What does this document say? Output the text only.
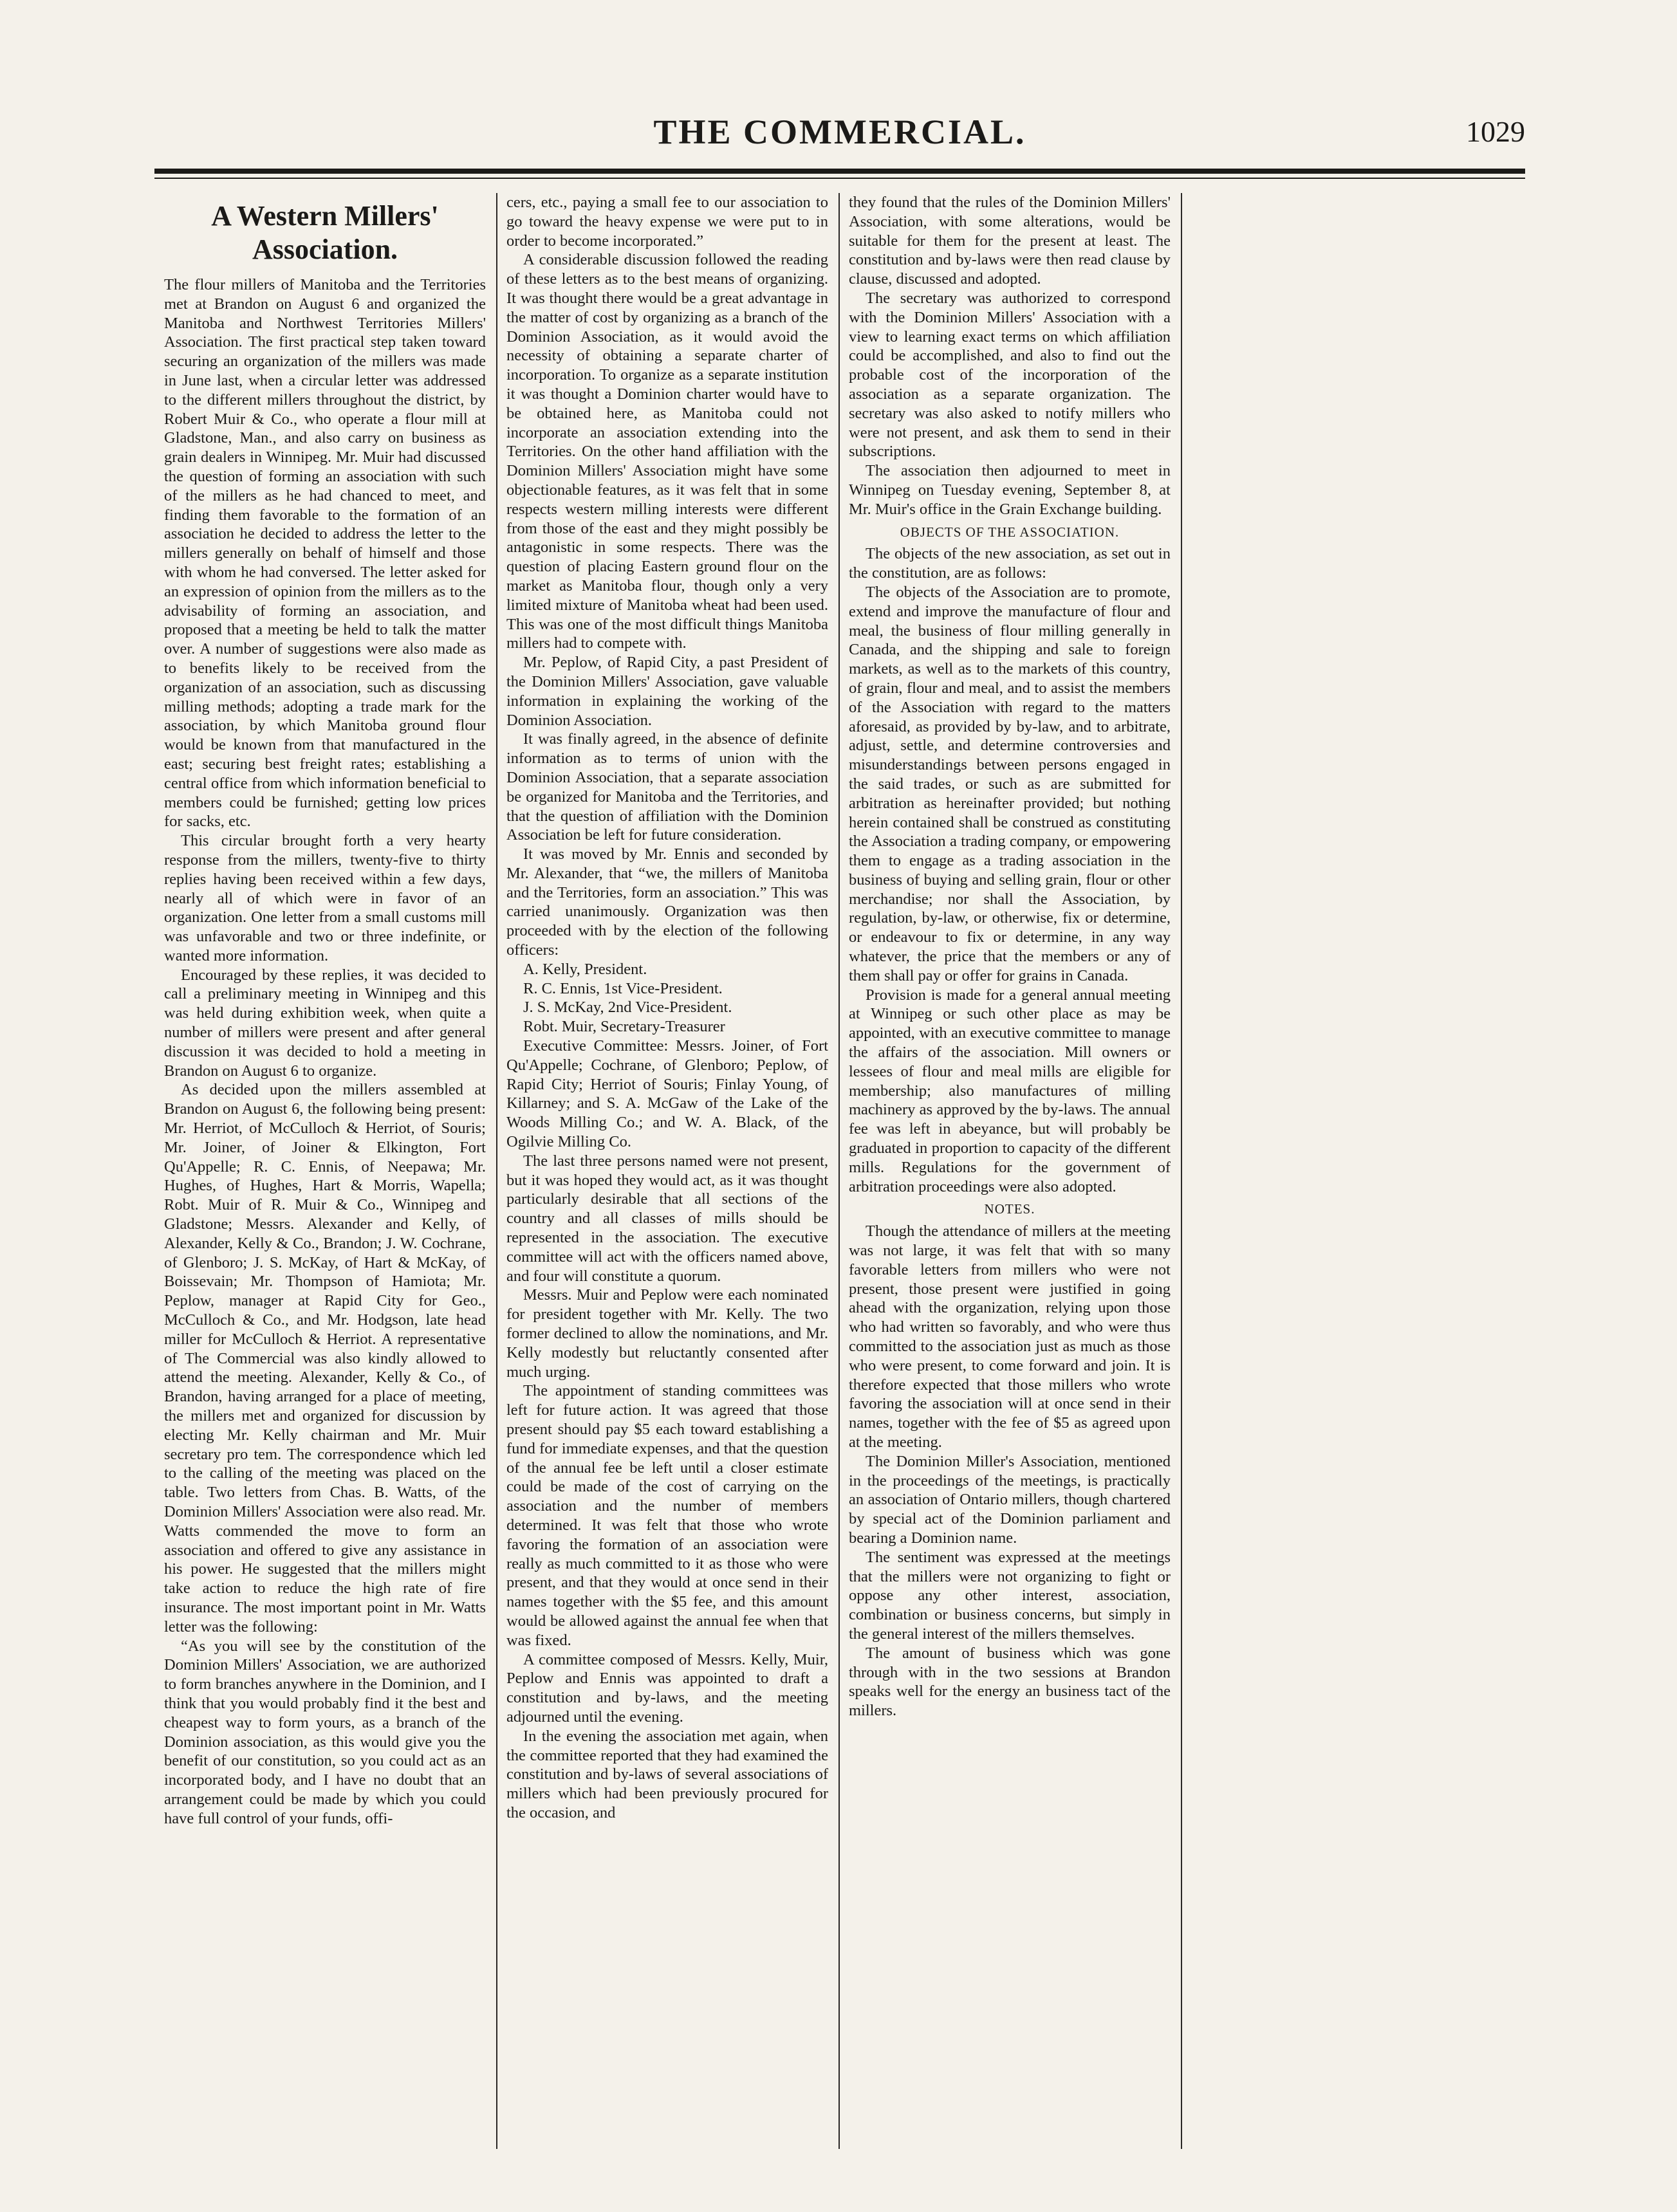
THE COMMERCIAL.	1029
A Western Millers' Association.

The flour millers of Manitoba and the Territories met at Brandon on August 6 and organized the Manitoba and Northwest Territories Millers' Association. The first practical step taken toward securing an organization of the millers was made in June last, when a circular letter was addressed to the different millers throughout the district, by Robert Muir & Co., who operate a flour mill at Gladstone, Man., and also carry on business as grain dealers in Winnipeg. Mr. Muir had discussed the question of forming an association with such of the millers as he had chanced to meet, and finding them favorable to the formation of an association he decided to address the letter to the millers generally on behalf of himself and those with whom he had conversed. The letter asked for an expression of opinion from the millers as to the advisability of forming an association, and proposed that a meeting be held to talk the matter over. A number of suggestions were also made as to benefits likely to be received from the organization of an association, such as discussing milling methods; adopting a trade mark for the association, by which Manitoba ground flour would be known from that manufactured in the east; securing best freight rates; establishing a central office from which information beneficial to members could be furnished; getting low prices for sacks, etc.

This circular brought forth a very hearty response from the millers, twenty-five to thirty replies having been received within a few days, nearly all of which were in favor of an organization. One letter from a small customs mill was unfavorable and two or three indefinite, or wanted more information.

Encouraged by these replies, it was decided to call a preliminary meeting in Winnipeg and this was held during exhibition week, when quite a number of millers were present and after general discussion it was decided to hold a meeting in Brandon on August 6 to organize.

As decided upon the millers assembled at Brandon on August 6, the following being present: Mr. Herriot, of McCulloch & Herriot, of Souris; Mr. Joiner, of Joiner & Elkington, Fort Qu'Appelle; R. C. Ennis, of Neepawa; Mr. Hughes, of Hughes, Hart & Morris, Wapella; Robt. Muir of R. Muir & Co., Winnipeg and Gladstone; Messrs. Alexander and Kelly, of Alexander, Kelly & Co., Brandon; J. W. Cochrane, of Glenboro; J. S. McKay, of Hart & McKay, of Boissevain; Mr. Thompson of Hamiota; Mr. Peplow, manager at Rapid City for Geo., McCulloch & Co., and Mr. Hodgson, late head miller for McCulloch & Herriot. A representative of The Commercial was also kindly allowed to attend the meeting. Alexander, Kelly & Co., of Brandon, having arranged for a place of meeting, the millers met and organized for discussion by electing Mr. Kelly chairman and Mr. Muir secretary pro tem. The correspondence which led to the calling of the meeting was placed on the table. Two letters from Chas. B. Watts, of the Dominion Millers' Association were also read. Mr. Watts commended the move to form an association and offered to give any assistance in his power. He suggested that the millers might take action to reduce the high rate of fire insurance. The most important point in Mr. Watts letter was the following:

“As you will see by the constitution of the Dominion Millers' Association, we are authorized to form branches anywhere in the Dominion, and I think that you would probably find it the best and cheapest way to form yours, as a branch of the Dominion association, as this would give you the benefit of our constitution, so you could act as an incorporated body, and I have no doubt that an arrangement could be made by which you could have full control of your funds, offi-

cers, etc., paying a small fee to our association to go toward the heavy expense we were put to in order to become incorporated.”

A considerable discussion followed the reading of these letters as to the best means of organizing. It was thought there would be a great advantage in the matter of cost by organizing as a branch of the Dominion Association, as it would avoid the necessity of obtaining a separate charter of incorporation. To organize as a separate institution it was thought a Dominion charter would have to be obtained here, as Manitoba could not incorporate an association extending into the Territories. On the other hand affiliation with the Dominion Millers' Association might have some objectionable features, as it was felt that in some respects western milling interests were different from those of the east and they might possibly be antagonistic in some respects. There was the question of placing Eastern ground flour on the market as Manitoba flour, though only a very limited mixture of Manitoba wheat had been used. This was one of the most difficult things Manitoba millers had to compete with.

Mr. Peplow, of Rapid City, a past President of the Dominion Millers' Association, gave valuable information in explaining the working of the Dominion Association.

It was finally agreed, in the absence of definite information as to terms of union with the Dominion Association, that a separate association be organized for Manitoba and the Territories, and that the question of affiliation with the Dominion Association be left for future consideration.

It was moved by Mr. Ennis and seconded by Mr. Alexander, that “we, the millers of Manitoba and the Territories, form an association.” This was carried unanimously. Organization was then proceeded with by the election of the following officers:

A. Kelly, President.

R. C. Ennis, 1st Vice-President.

J. S. McKay, 2nd Vice-President.

Robt. Muir, Secretary-Treasurer

Executive Committee: Messrs. Joiner, of Fort Qu'Appelle; Cochrane, of Glenboro; Peplow, of Rapid City; Herriot of Souris; Finlay Young, of Killarney; and S. A. McGaw of the Lake of the Woods Milling Co.; and W. A. Black, of the Ogilvie Milling Co.

The last three persons named were not present, but it was hoped they would act, as it was thought particularly desirable that all sections of the country and all classes of mills should be represented in the association. The executive committee will act with the officers named above, and four will constitute a quorum.

Messrs. Muir and Peplow were each nominated for president together with Mr. Kelly. The two former declined to allow the nominations, and Mr. Kelly modestly but reluctantly consented after much urging.

The appointment of standing committees was left for future action. It was agreed that those present should pay $5 each toward establishing a fund for immediate expenses, and that the question of the annual fee be left until a closer estimate could be made of the cost of carrying on the association and the number of members determined. It was felt that those who wrote favoring the formation of an association were really as much committed to it as those who were present, and that they would at once send in their names together with the $5 fee, and this amount would be allowed against the annual fee when that was fixed.

A committee composed of Messrs. Kelly, Muir, Peplow and Ennis was appointed to draft a constitution and by-laws, and the meeting adjourned until the evening.

In the evening the association met again, when the committee reported that they had examined the constitution and by-laws of several associations of millers which had been previously procured for the occasion, and

they found that the rules of the Dominion Millers' Association, with some alterations, would be suitable for them for the present at least. The constitution and by-laws were then read clause by clause, discussed and adopted.

The secretary was authorized to correspond with the Dominion Millers' Association with a view to learning exact terms on which affiliation could be accomplished, and also to find out the probable cost of the incorporation of the association as a separate organization. The secretary was also asked to notify millers who were not present, and ask them to send in their subscriptions.

The association then adjourned to meet in Winnipeg on Tuesday evening, September 8, at Mr. Muir's office in the Grain Exchange building.

OBJECTS OF THE ASSOCIATION.

The objects of the new association, as set out in the constitution, are as follows:

The objects of the Association are to promote, extend and improve the manufacture of flour and meal, the business of flour milling generally in Canada, and the shipping and sale to foreign markets, as well as to the markets of this country, of grain, flour and meal, and to assist the members of the Association with regard to the matters aforesaid, as provided by by-law, and to arbitrate, adjust, settle, and determine controversies and misunderstandings between persons engaged in the said trades, or such as are submitted for arbitration as hereinafter provided; but nothing herein contained shall be construed as constituting the Association a trading company, or empowering them to engage as a trading association in the business of buying and selling grain, flour or other merchandise; nor shall the Association, by regulation, by-law, or otherwise, fix or determine, or endeavour to fix or determine, in any way whatever, the price that the members or any of them shall pay or offer for grains in Canada.

Provision is made for a general annual meeting at Winnipeg or such other place as may be appointed, with an executive committee to manage the affairs of the association. Mill owners or lessees of flour and meal mills are eligible for membership; also manufactures of milling machinery as approved by the by-laws. The annual fee was left in abeyance, but will probably be graduated in proportion to capacity of the different mills. Regulations for the government of arbitration proceedings were also adopted.

NOTES.

Though the attendance of millers at the meeting was not large, it was felt that with so many favorable letters from millers who were not present, those present were justified in going ahead with the organization, relying upon those who had written so favorably, and who were thus committed to the association just as much as those who were present, to come forward and join. It is therefore expected that those millers who wrote favoring the association will at once send in their names, together with the fee of $5 as agreed upon at the meeting.

The Dominion Miller's Association, mentioned in the proceedings of the meetings, is practically an association of Ontario millers, though chartered by special act of the Dominion parliament and bearing a Dominion name.

The sentiment was expressed at the meetings that the millers were not organizing to fight or oppose any other interest, association, combination or business concerns, but simply in the general interest of the millers themselves.

The amount of business which was gone through with in the two sessions at Brandon speaks well for the energy an business tact of the millers.
